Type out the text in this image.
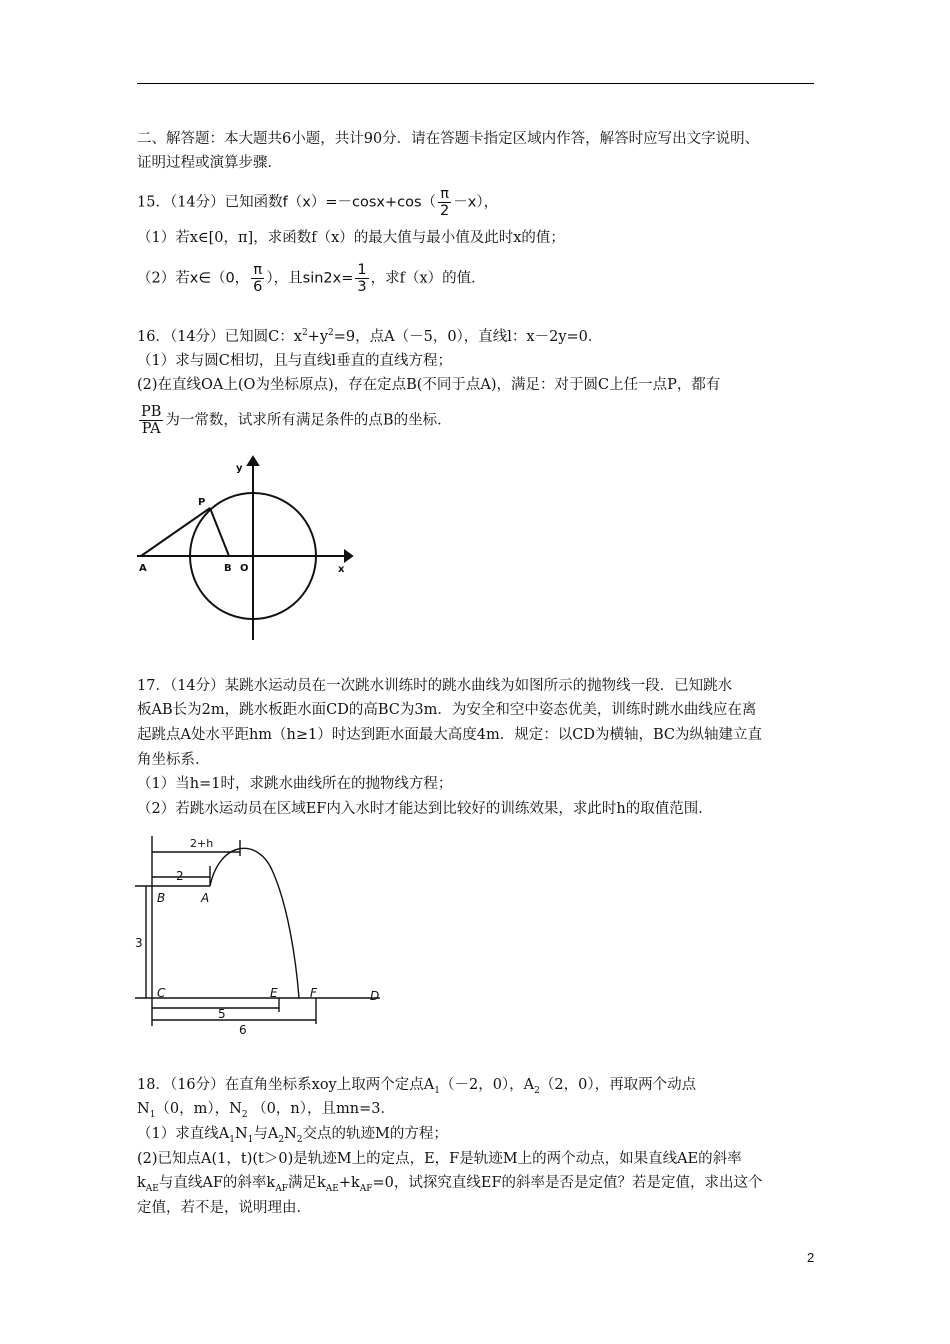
二、解答题：本大题共6小题，共计90分．请在答题卡指定区域内作答，解答时应写出文字说明、
证明过程或演算步骤．
15．（14分）已知函数$f(x)=-\cos x+\cos( \frac{\pi}{2} -x)$，
（1）若x∈[0，π]，求函数f（x）的最大值与最小值及此时x的值；
（2）若x∈（0， $\frac{\pi}{6}$ ），且$\sin 2x= \frac{1}{3}$ ，求f（x）的值．
16．（14分）已知圆C：$x^2+y^2=9$，点A（－5，0），直线l：x－2y=0．
（1）求与圆C相切，且与直线l垂直的直线方程；
(2)在直线OA上(O为坐标原点)，存在定点B(不同于点A)，满足：对于圆C上任一点P，都有
$\frac{PB}{PA}$ 为一常数，试求所有满足条件的点B的坐标．
y
x
P
A	B O
17．（14分）某跳水运动员在一次跳水训练时的跳水曲线为如图所示的抛物线一段．已知跳水
板AB长为2m，跳水板距水面CD的高BC为3m．为安全和空中姿态优美，训练时跳水曲线应在离
起跳点A处水平距hm（h≥1）时达到距水面最大高度4m．规定：以CD为横轴，BC为纵轴建立直
角坐标系．
（1）当h=1时，求跳水曲线所在的抛物线方程；
（2）若跳水运动员在区域EF内入水时才能达到比较好的训练效果，求此时h的取值范围．
2+h
2
B	A
3
C	E	F	D
5
6
18．（16分）在直角坐标系xoy上取两个定点$A_1(-2$，0），$A_2(2$，0），再取两个动点
$N_1(0$，m），$N_2$ （0，n），且mn=3．
（1）求直线$A_1N_1$与$A_2N_2$交点的轨迹M的方程；
(2)已知点A(1，t)(t＞0)是轨迹M上的定点，E，F是轨迹M上的两个动点，如果直线AE的斜率
$k_{AE}$与直线AF的斜率$k_{AF}$满足$k_{AE}+k_{AF}=0$，试探究直线EF的斜率是否是定值？若是定值，求出这个
定值，若不是，说明理由．
2
